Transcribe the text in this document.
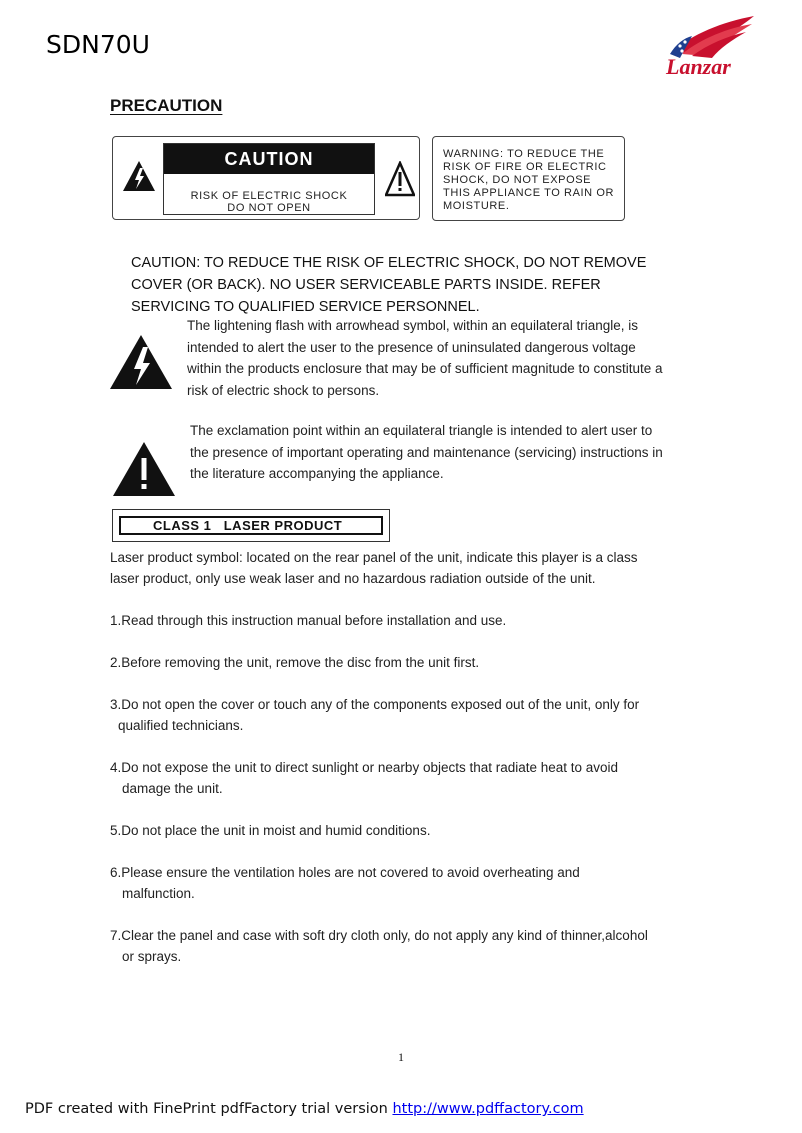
SDN70U
Lanzar
PRECAUTION
CAUTION
RISK OF ELECTRIC SHOCK
DO NOT OPEN
WARNING: TO REDUCE THE
RISK OF FIRE OR ELECTRIC
SHOCK, DO NOT EXPOSE
THIS APPLIANCE TO RAIN OR
MOISTURE.
CAUTION: TO REDUCE THE RISK OF ELECTRIC SHOCK, DO NOT REMOVE
COVER (OR BACK). NO USER SERVICEABLE PARTS INSIDE. REFER
SERVICING TO QUALIFIED SERVICE PERSONNEL.
The lightening flash with arrowhead symbol, within an equilateral triangle, is
intended to alert the user to the presence of uninsulated dangerous voltage
within the products enclosure that may be of sufficient magnitude to constitute a
risk of electric shock to persons.
The exclamation point within an equilateral triangle is intended to alert user to
the presence of important operating and maintenance (servicing) instructions in
the literature accompanying the appliance.
CLASS 1   LASER PRODUCT
Laser product symbol: located on the rear panel of the unit, indicate this player is a class
laser product, only use weak laser and no hazardous radiation outside of the unit.
1.Read through this instruction manual before installation and use.
2.Before removing the unit, remove the disc from the unit first.
3.Do not open the cover or touch any of the components exposed out of the unit, only for
qualified technicians.
4.Do not expose the unit to direct sunlight or nearby objects that radiate heat to avoid
damage the unit.
5.Do not place the unit in moist and humid conditions.
6.Please ensure the ventilation holes are not covered to avoid overheating and
malfunction.
7.Clear the panel and case with soft dry cloth only, do not apply any kind of thinner,alcohol
or sprays.
1
PDF created with FinePrint pdfFactory trial version http://www.pdffactory.com
